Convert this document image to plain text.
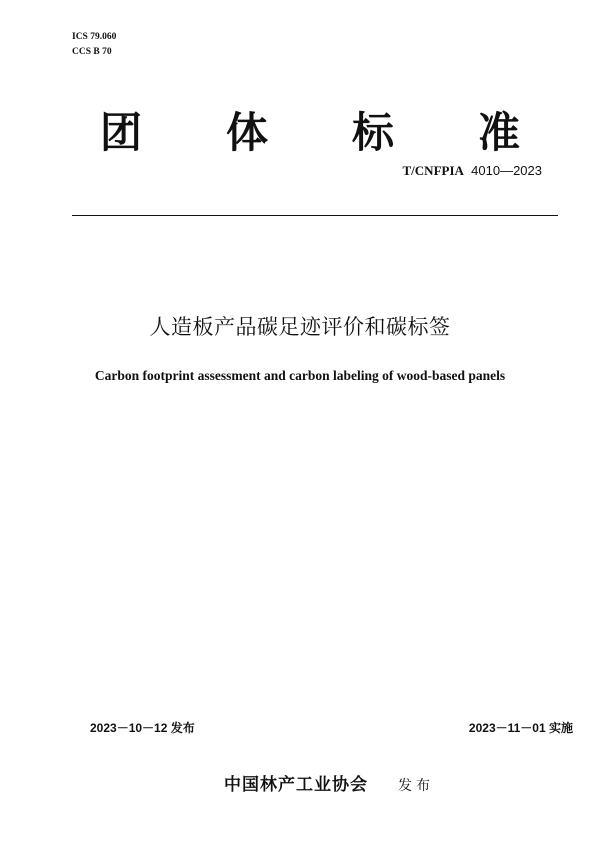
ICS 79.060
CCS B 70
团 体 标 准
T/CNFPIA 4010—2023
人造板产品碳足迹评价和碳标签
Carbon footprint assessment and carbon labeling of wood-based panels
2023－10－12 发布	2023－11－01 实施
中国林产工业协会 发布
